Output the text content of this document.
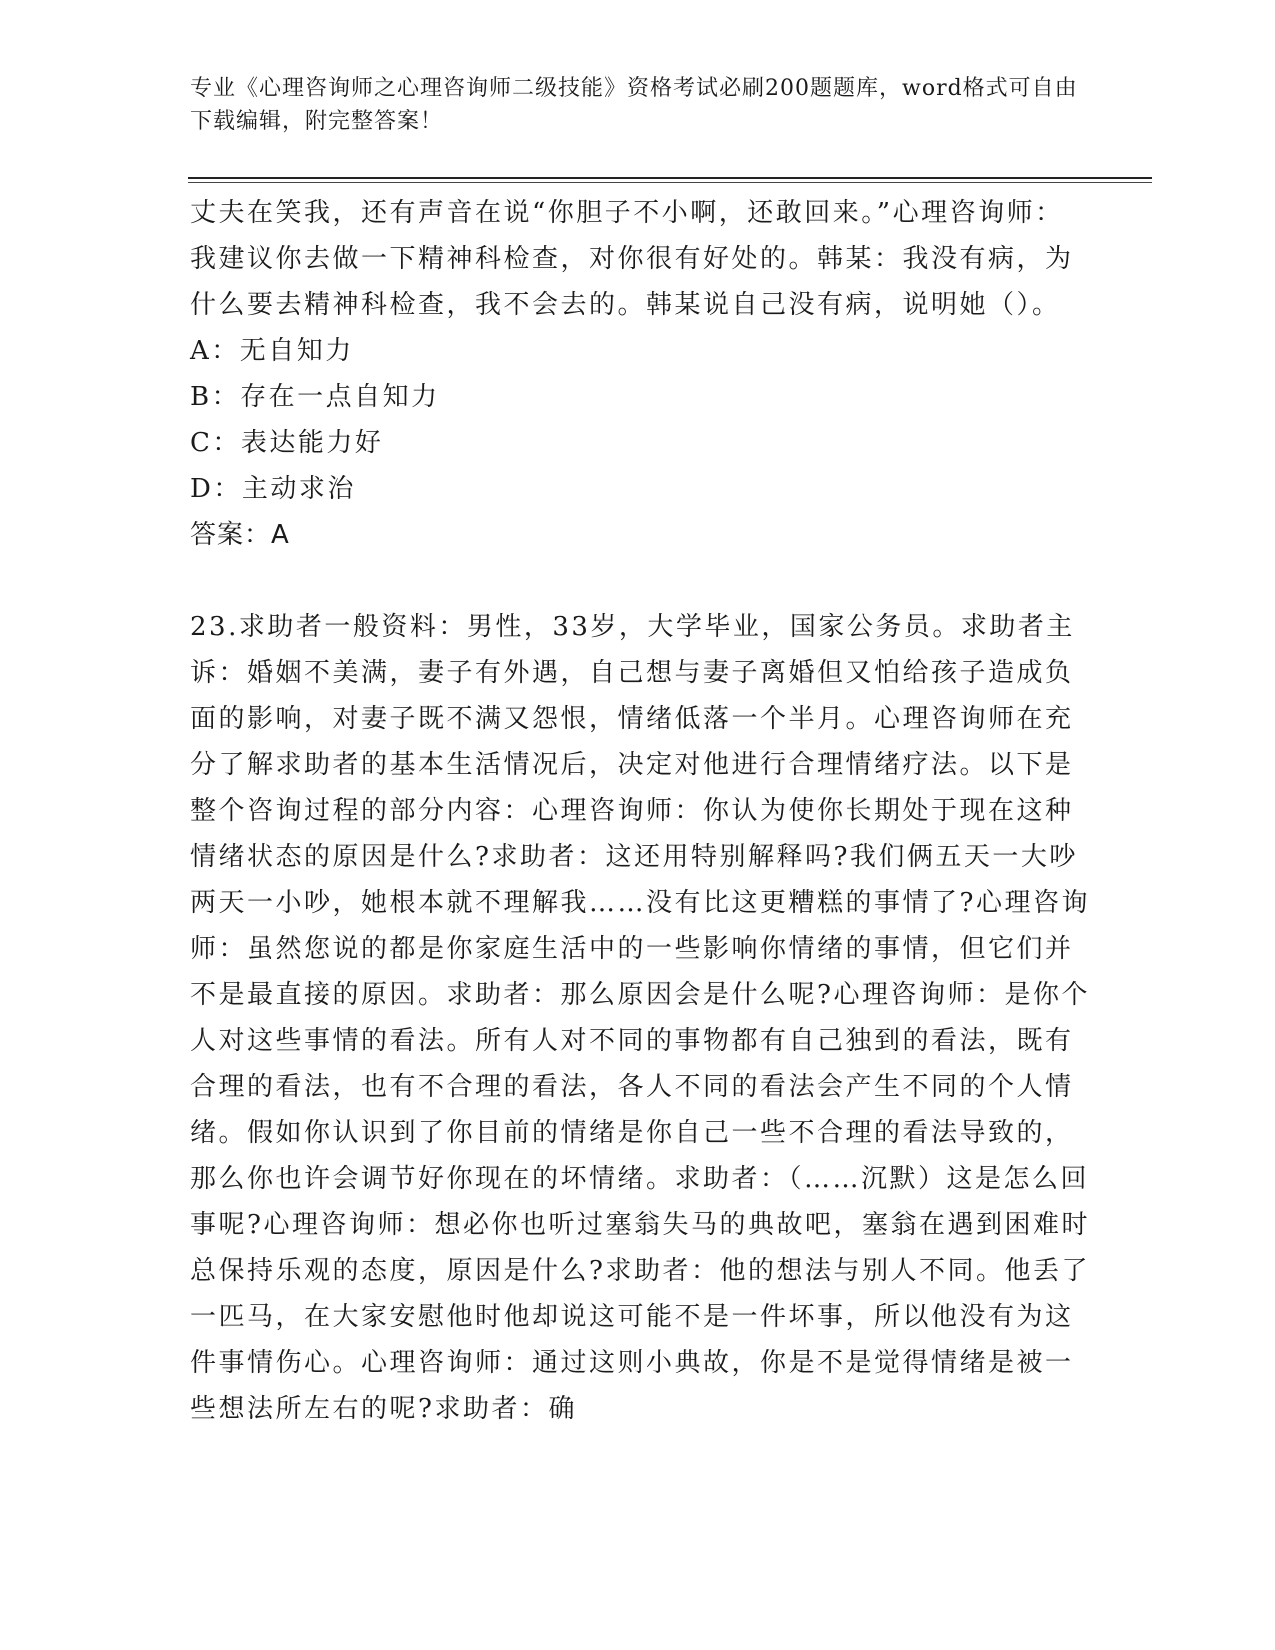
专业《心理咨询师之心理咨询师二级技能》资格考试必刷200题题库，word格式可自由下载编辑，附完整答案！

丈夫在笑我，还有声音在说“你胆子不小啊，还敢回来。”心理咨询师：我建议你去做一下精神科检查，对你很有好处的。韩某：我没有病，为什么要去精神科检查，我不会去的。韩某说自己没有病，说明她（）。

A：无自知力

B：存在一点自知力

C：表达能力好

D：主动求治

答案：A

23.求助者一般资料：男性，33岁，大学毕业，国家公务员。求助者主诉：婚姻不美满，妻子有外遇，自己想与妻子离婚但又怕给孩子造成负面的影响，对妻子既不满又怨恨，情绪低落一个半月。心理咨询师在充分了解求助者的基本生活情况后，决定对他进行合理情绪疗法。以下是整个咨询过程的部分内容：心理咨询师：你认为使你长期处于现在这种情绪状态的原因是什么?求助者：这还用特别解释吗?我们俩五天一大吵两天一小吵，她根本就不理解我……没有比这更糟糕的事情了?心理咨询师：虽然您说的都是你家庭生活中的一些影响你情绪的事情，但它们并不是最直接的原因。求助者：那么原因会是什么呢?心理咨询师：是你个人对这些事情的看法。所有人对不同的事物都有自己独到的看法，既有合理的看法，也有不合理的看法，各人不同的看法会产生不同的个人情绪。假如你认识到了你目前的情绪是你自己一些不合理的看法导致的，那么你也许会调节好你现在的坏情绪。求助者：（……沉默）这是怎么回事呢?心理咨询师：想必你也听过塞翁失马的典故吧，塞翁在遇到困难时总保持乐观的态度，原因是什么?求助者：他的想法与别人不同。他丢了一匹马，在大家安慰他时他却说这可能不是一件坏事，所以他没有为这件事情伤心。心理咨询师：通过这则小典故，你是不是觉得情绪是被一些想法所左右的呢?求助者：确
